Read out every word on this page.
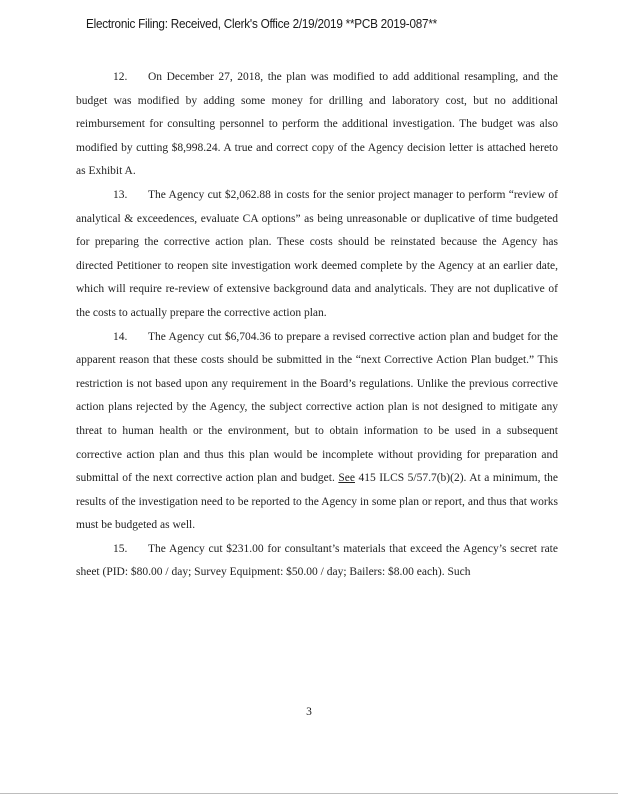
Electronic Filing: Received, Clerk's Office 2/19/2019 **PCB 2019-087**

12. On December 27, 2018, the plan was modified to add additional resampling, and the budget was modified by adding some money for drilling and laboratory cost, but no additional reimbursement for consulting personnel to perform the additional investigation. The budget was also modified by cutting $8,998.24. A true and correct copy of the Agency decision letter is attached hereto as Exhibit A.

13. The Agency cut $2,062.88 in costs for the senior project manager to perform “review of analytical & exceedences, evaluate CA options” as being unreasonable or duplicative of time budgeted for preparing the corrective action plan. These costs should be reinstated because the Agency has directed Petitioner to reopen site investigation work deemed complete by the Agency at an earlier date, which will require re-review of extensive background data and analyticals. They are not duplicative of the costs to actually prepare the corrective action plan.

14. The Agency cut $6,704.36 to prepare a revised corrective action plan and budget for the apparent reason that these costs should be submitted in the “next Corrective Action Plan budget.” This restriction is not based upon any requirement in the Board’s regulations. Unlike the previous corrective action plans rejected by the Agency, the subject corrective action plan is not designed to mitigate any threat to human health or the environment, but to obtain information to be used in a subsequent corrective action plan and thus this plan would be incomplete without providing for preparation and submittal of the next corrective action plan and budget. See 415 ILCS 5/57.7(b)(2). At a minimum, the results of the investigation need to be reported to the Agency in some plan or report, and thus that works must be budgeted as well.

15. The Agency cut $231.00 for consultant’s materials that exceed the Agency’s secret rate sheet (PID: $80.00 / day; Survey Equipment: $50.00 / day; Bailers: $8.00 each). Such

3
